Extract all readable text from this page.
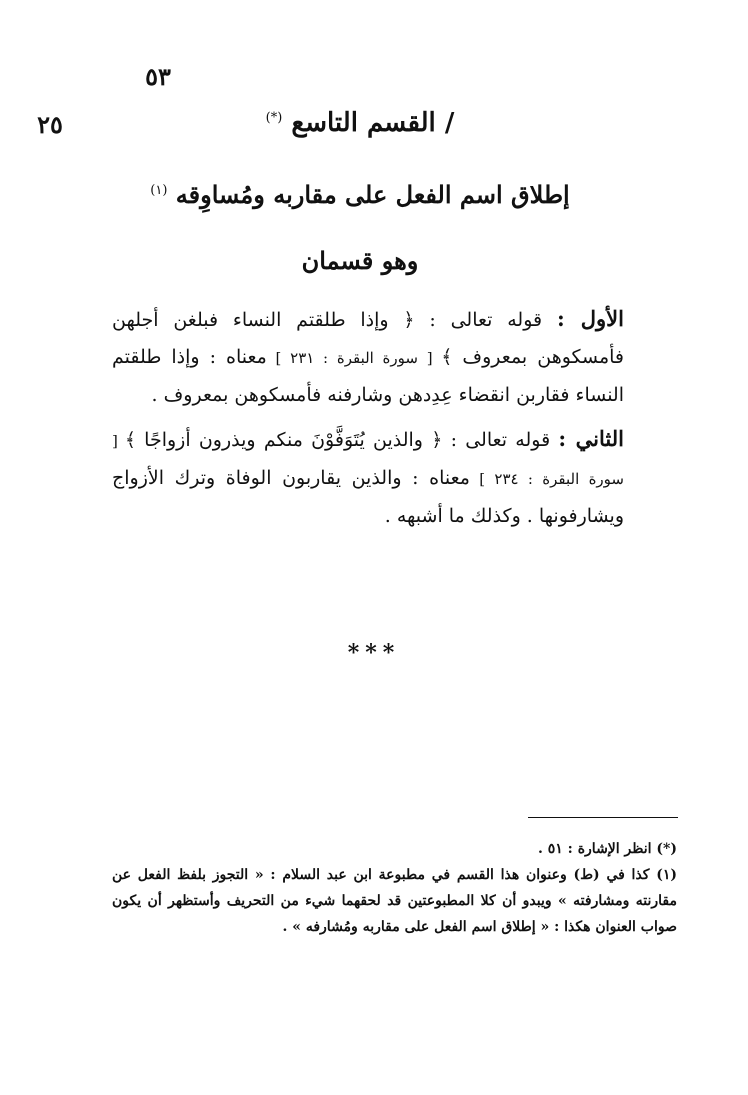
٥٣
٢٥	/ القسم التاسع (*)
إطلاق اسم الفعل على مقاربه ومُساوِقه $^{(١)}$
وهو قسمان
الأول : قوله تعالى : ﴿ وإذا طلقتم النساء فبلغن أجلهن فأمسكوهن بمعروف ﴾ [ سورة البقرة : ٢٣١ ] معناه : وإذا طلقتم النساء فقاربن انقضاء عِدِدهن وشارفنه فأمسكوهن بمعروف .
الثاني : قوله تعالى : ﴿ والذين يُتَوَفَّوْنَ منكم ويذرون أزواجًا ﴾ [ سورة البقرة : ٢٣٤ ] معناه : والذين يقاربون الوفاة وترك الأزواج ويشارفونها . وكذلك ما أشبهه .
***

(*) انظر الإشارة : ٥١ .

(١) كذا في (ط) وعنوان هذا القسم في مطبوعة ابن عبد السلام : « التجوز بلفظ الفعل عن مقارنته ومشارفته » ويبدو أن كلا المطبوعتين قد لحقهما شيء من التحريف وأستظهر أن يكون صواب العنوان هكذا : « إطلاق اسم الفعل على مقاربه ومُشارفه » .
